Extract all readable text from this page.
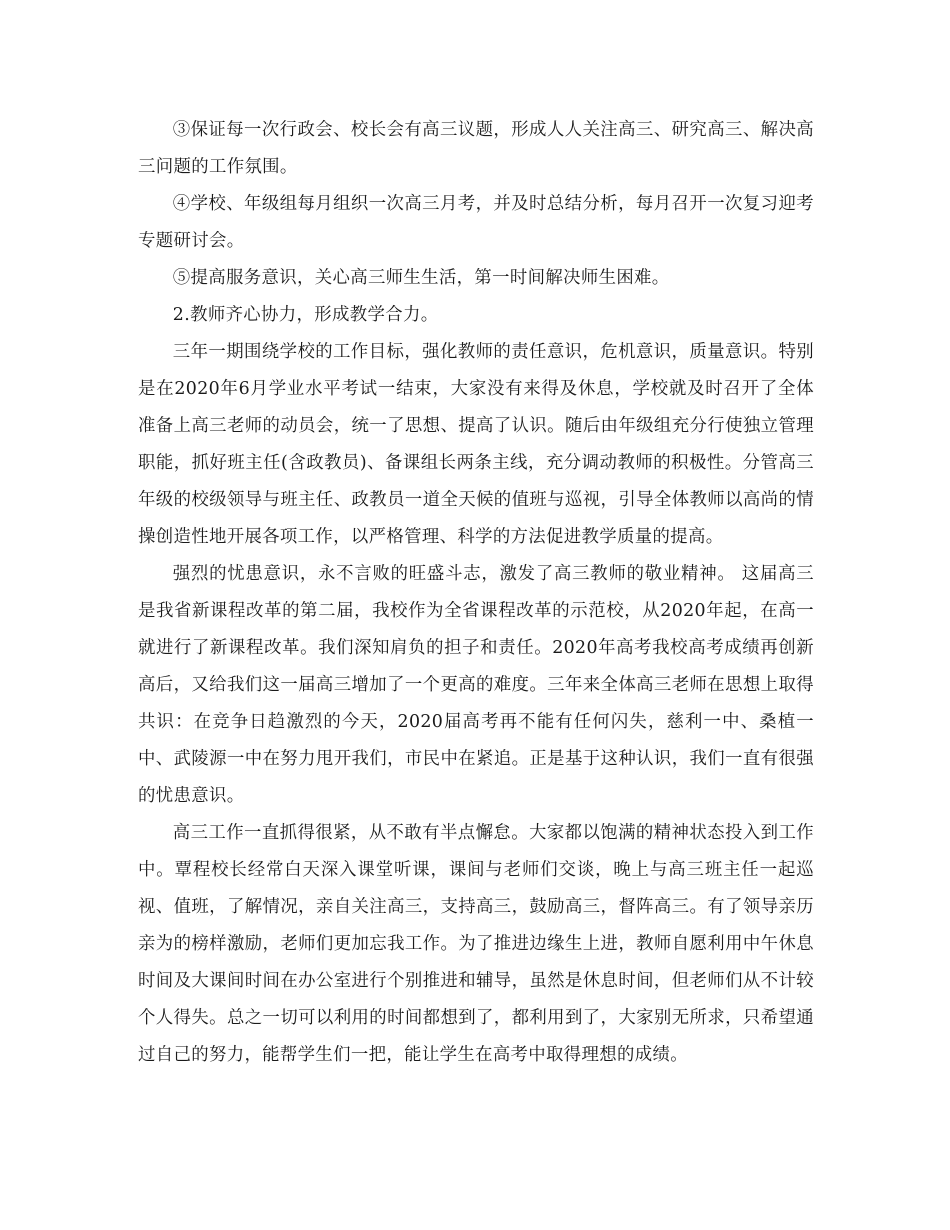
③保证每一次行政会、校长会有高三议题，形成人人关注高三、研究高三、解决高三问题的工作氛围。

④学校、年级组每月组织一次高三月考，并及时总结分析，每月召开一次复习迎考专题研讨会。

⑤提高服务意识，关心高三师生生活，第一时间解决师生困难。

2.教师齐心协力，形成教学合力。

三年一期围绕学校的工作目标，强化教师的责任意识，危机意识，质量意识。特别是在2020年6月学业水平考试一结束，大家没有来得及休息，学校就及时召开了全体准备上高三老师的动员会，统一了思想、提高了认识。随后由年级组充分行使独立管理职能，抓好班主任(含政教员)、备课组长两条主线，充分调动教师的积极性。分管高三年级的校级领导与班主任、政教员一道全天候的值班与巡视，引导全体教师以高尚的情操创造性地开展各项工作，以严格管理、科学的方法促进教学质量的提高。

强烈的忧患意识，永不言败的旺盛斗志，激发了高三教师的敬业精神。 这届高三是我省新课程改革的第二届，我校作为全省课程改革的示范校，从2020年起，在高一就进行了新课程改革。我们深知肩负的担子和责任。2020年高考我校高考成绩再创新高后，又给我们这一届高三增加了一个更高的难度。三年来全体高三老师在思想上取得共识：在竞争日趋激烈的今天，2020届高考再不能有任何闪失，慈利一中、桑植一中、武陵源一中在努力甩开我们，市民中在紧追。正是基于这种认识，我们一直有很强的忧患意识。

高三工作一直抓得很紧，从不敢有半点懈怠。大家都以饱满的精神状态投入到工作中。覃程校长经常白天深入课堂听课，课间与老师们交谈，晚上与高三班主任一起巡视、值班，了解情况，亲自关注高三，支持高三，鼓励高三，督阵高三。有了领导亲历亲为的榜样激励，老师们更加忘我工作。为了推进边缘生上进，教师自愿利用中午休息时间及大课间时间在办公室进行个别推进和辅导，虽然是休息时间，但老师们从不计较个人得失。总之一切可以利用的时间都想到了，都利用到了，大家别无所求，只希望通过自己的努力，能帮学生们一把，能让学生在高考中取得理想的成绩。
